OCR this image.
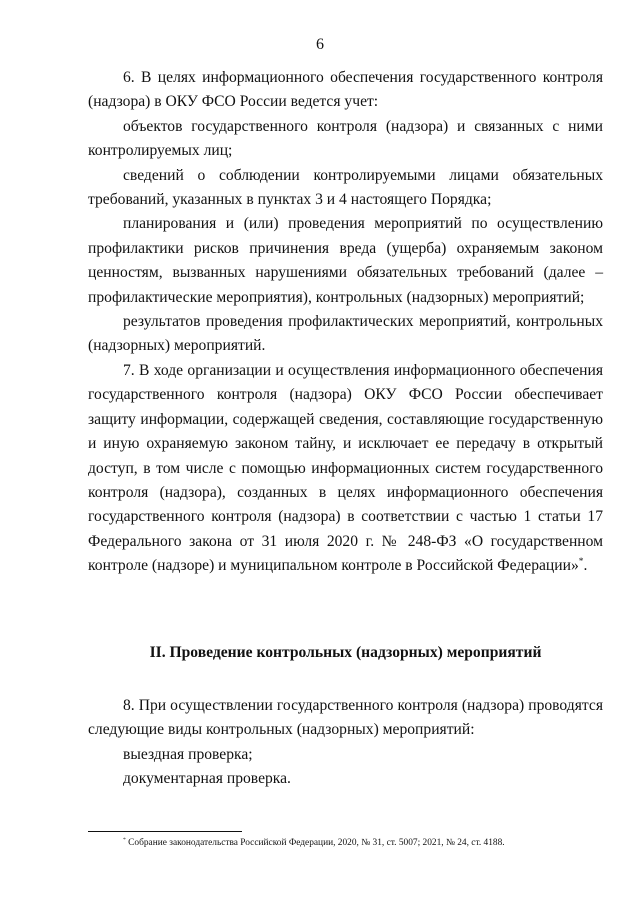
6

6. В целях информационного обеспечения государственного контроля (надзора) в ОКУ ФСО России ведется учет:

объектов государственного контроля (надзора) и связанных с ними контролируемых лиц;

сведений о соблюдении контролируемыми лицами обязательных требований, указанных в пунктах 3 и 4 настоящего Порядка;

планирования и (или) проведения мероприятий по осуществлению профилактики рисков причинения вреда (ущерба) охраняемым законом ценностям, вызванных нарушениями обязательных требований (далее – профилактические мероприятия), контрольных (надзорных) мероприятий;

результатов проведения профилактических мероприятий, контрольных (надзорных) мероприятий.

7. В ходе организации и осуществления информационного обеспечения государственного контроля (надзора) ОКУ ФСО России обеспечивает защиту информации, содержащей сведения, составляющие государственную и иную охраняемую законом тайну, и исключает ее передачу в открытый доступ, в том числе с помощью информационных систем государственного контроля (надзора), созданных в целях информационного обеспечения государственного контроля (надзора) в соответствии с частью 1 статьи 17 Федерального закона от 31 июля 2020 г. № 248-ФЗ «О государственном контроле (надзоре) и муниципальном контроле в Российской Федерации»*.

II. Проведение контрольных (надзорных) мероприятий

8. При осуществлении государственного контроля (надзора) проводятся следующие виды контрольных (надзорных) мероприятий:

выездная проверка;

документарная проверка.

* Собрание законодательства Российской Федерации, 2020, № 31, ст. 5007; 2021, № 24, ст. 4188.
